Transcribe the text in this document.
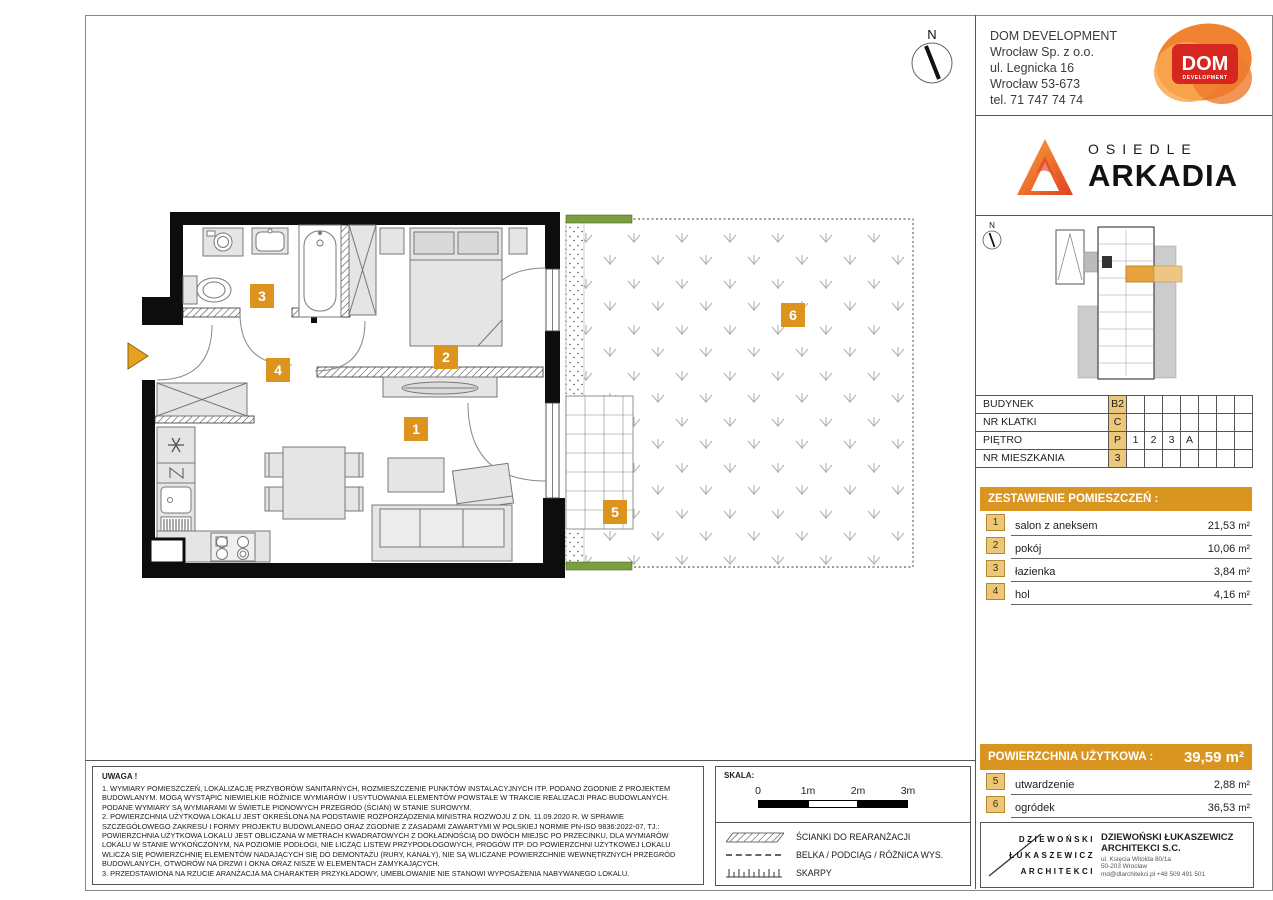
1
2
3
4
5
6
N	DOM DEVELOPMENT
Wrocław Sp. z o.o.
ul. Legnicka 16
Wrocław 53-673
tel. 71 747 74 74
DOM
DEVELOPMENT
OSIEDLE
ARKADIA
N
BUDYNEK	B2
NR KLATKI	C
PIĘTRO	P	1	2	3	A
NR MIESZKANIA	3
ZESTAWIENIE POMIESZCZEŃ :
1	salon z aneksem	21,53 m²
2	pokój	10,06 m²
3	łazienka	3,84 m²
4	hol	4,16 m²
POWIERZCHNIA UŻYTKOWA : 39,59 m²
5	utwardzenie	2,88 m²
6	ogródek	36,53 m²
DZIEWOŃSKI
ŁUKASZEWICZ
ARCHITEKCI
DZIEWOŃSKI ŁUKASZEWICZ
ARCHITEKCI S.C.
ul. Księcia Witolda 80/1a
50-203 Wrocław
md@dlarchitekci.pl +48 509 491 501
UWAGA !
1. WYMIARY POMIESZCZEŃ, LOKALIZACJĘ PRZYBORÓW SANITARNYCH, ROZMIESZCZENIE PUNKTÓW INSTALACYJNYCH ITP. PODANO ZGODNIE Z PROJEKTEM BUDOWLANYM. MOGĄ WYSTĄPIĆ NIEWIELKIE RÓŻNICE WYMIARÓW I USYTUOWANIA ELEMENTÓW POWSTAŁE W TRAKCIE REALIZACJI PRAC BUDOWLANYCH. PODANE WYMIARY SĄ WYMIARAMI W ŚWIETLE PIONOWYCH PRZEGRÓD (ŚCIAN) W STANIE SUROWYM.
2. POWIERZCHNIA UŻYTKOWA LOKALU JEST OKREŚLONA NA PODSTAWIE ROZPORZĄDZENIA MINISTRA ROZWOJU Z DN. 11.09.2020 R. W SPRAWIE SZCZEGÓŁOWEGO ZAKRESU I FORMY PROJEKTU BUDOWLANEGO ORAZ ZGODNIE Z ZASADAMI ZAWARTYMI W POLSKIEJ NORMIE PN-ISO 9836:2022-07, TJ.: POWIERZCHNIA UŻYTKOWA LOKALU JEST OBLICZANA W METRACH KWADRATOWYCH Z DOKŁADNOŚCIĄ DO DWÓCH MIEJSC PO PRZECINKU, DLA WYMIARÓW LOKALU W STANIE WYKOŃCZONYM, NA POZIOMIE PODŁOGI, NIE LICZĄC LISTEW PRZYPODŁOGOWYCH, PROGÓW ITP. DO POWIERZCHNI UŻYTKOWEJ LOKALU WLICZA SIĘ POWIERZCHNIĘ ELEMENTÓW NADAJĄCYCH SIĘ DO DEMONTAŻU (RURY, KANAŁY), NIE SĄ WLICZANE POWIERZCHNIE WEWNĘTRZNYCH PRZEGRÓD BUDOWLANYCH, OTWORÓW NA DRZWI I OKNA ORAZ NISZE W ELEMENTACH ZAMYKAJĄCYCH.
3. PRZEDSTAWIONA NA RZUCIE ARANŻACJA MA CHARAKTER PRZYKŁADOWY, UMEBLOWANIE NIE STANOWI WYPOSAŻENIA NABYWANEGO LOKALU.
SKALA:
0	1m	2m	3m
ŚCIANKI DO REARANŻACJI
BELKA / PODCIĄG / RÓŻNICA WYS.
SKARPY
